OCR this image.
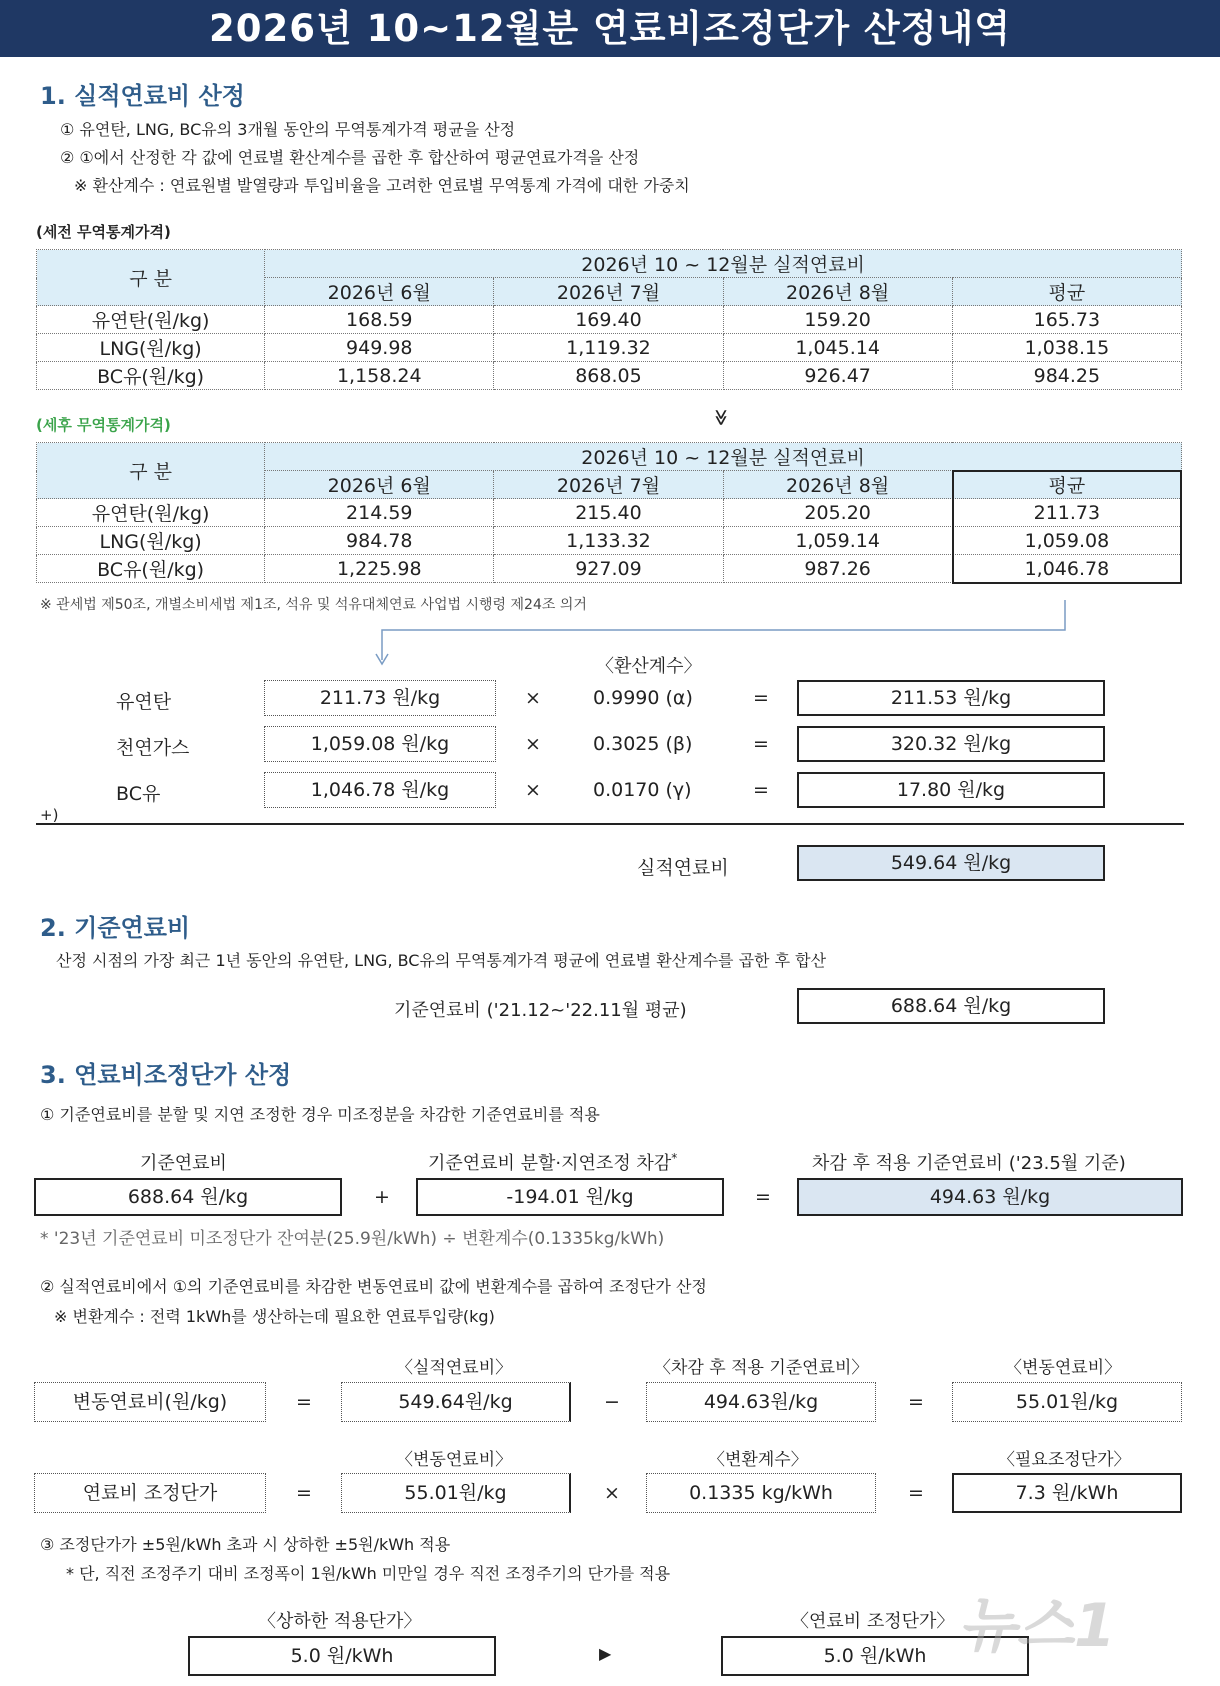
2026년 10~12월분 연료비조정단가 산정내역
1. 실적연료비 산정
① 유연탄, LNG, BC유의 3개월 동안의 무역통계가격 평균을 산정
② ①에서 산정한 각 값에 연료별 환산계수를 곱한 후 합산하여 평균연료가격을 산정
※ 환산계수 : 연료원별 발열량과 투입비율을 고려한 연료별 무역통계 가격에 대한 가중치
(세전 무역통계가격)
구 분	2026년 10 ~ 12월분 실적연료비			
	2026년 6월	2026년 7월	2026년 8월	평균
유연탄(원/kg)	168.59	169.40	159.20	165.73
LNG(원/kg)	949.98	1,119.32	1,045.14	1,038.15
BC유(원/kg)	1,158.24	868.05	926.47	984.25
≫
(세후 무역통계가격)
구 분	2026년 10 ~ 12월분 실적연료비			
	2026년 6월	2026년 7월	2026년 8월	평균
유연탄(원/kg)	214.59	215.40	205.20	211.73
LNG(원/kg)	984.78	1,133.32	1,059.14	1,059.08
BC유(원/kg)	1,225.98	927.09	987.26	1,046.78
※ 관세법 제50조, 개별소비세법 제1조, 석유 및 석유대체연료 사업법 시행령 제24조 의거
〈환산계수〉
유연탄	211.73 원/kg	×	0.9990 (α)	=	211.53 원/kg
천연가스	1,059.08 원/kg	×	0.3025 (β)	=	320.32 원/kg
BC유	1,046.78 원/kg	×	0.0170 (γ)	=	17.80 원/kg
+)
실적연료비	549.64 원/kg
2. 기준연료비
산정 시점의 가장 최근 1년 동안의 유연탄, LNG, BC유의 무역통계가격 평균에 연료별 환산계수를 곱한 후 합산
기준연료비 ('21.12~'22.11월 평균)	688.64 원/kg
3. 연료비조정단가 산정
① 기준연료비를 분할 및 지연 조정한 경우 미조정분을 차감한 기준연료비를 적용
기준연료비	기준연료비 분할·지연조정 차감*	차감 후 적용 기준연료비 ('23.5월 기준)
688.64 원/kg	+	-194.01 원/kg	=	494.63 원/kg
* '23년 기준연료비 미조정단가 잔여분(25.9원/kWh) ÷ 변환계수(0.1335kg/kWh)
② 실적연료비에서 ①의 기준연료비를 차감한 변동연료비 값에 변환계수를 곱하여 조정단가 산정
※ 변환계수 : 전력 1kWh를 생산하는데 필요한 연료투입량(kg)
〈실적연료비〉	〈차감 후 적용 기준연료비〉	〈변동연료비〉
변동연료비(원/kg)	=	549.64원/kg	−	494.63원/kg	=	55.01원/kg
〈변동연료비〉	〈변환계수〉	〈필요조정단가〉
연료비 조정단가	=	55.01원/kg	×	0.1335 kg/kWh	=	7.3 원/kWh
③ 조정단가가 ±5원/kWh 초과 시 상하한 ±5원/kWh 적용
* 단, 직전 조정주기 대비 조정폭이 1원/kWh 미만일 경우 직전 조정주기의 단가를 적용
〈상하한 적용단가〉	〈연료비 조정단가〉
5.0 원/kWh	▶	5.0 원/kWh 뉴스1
